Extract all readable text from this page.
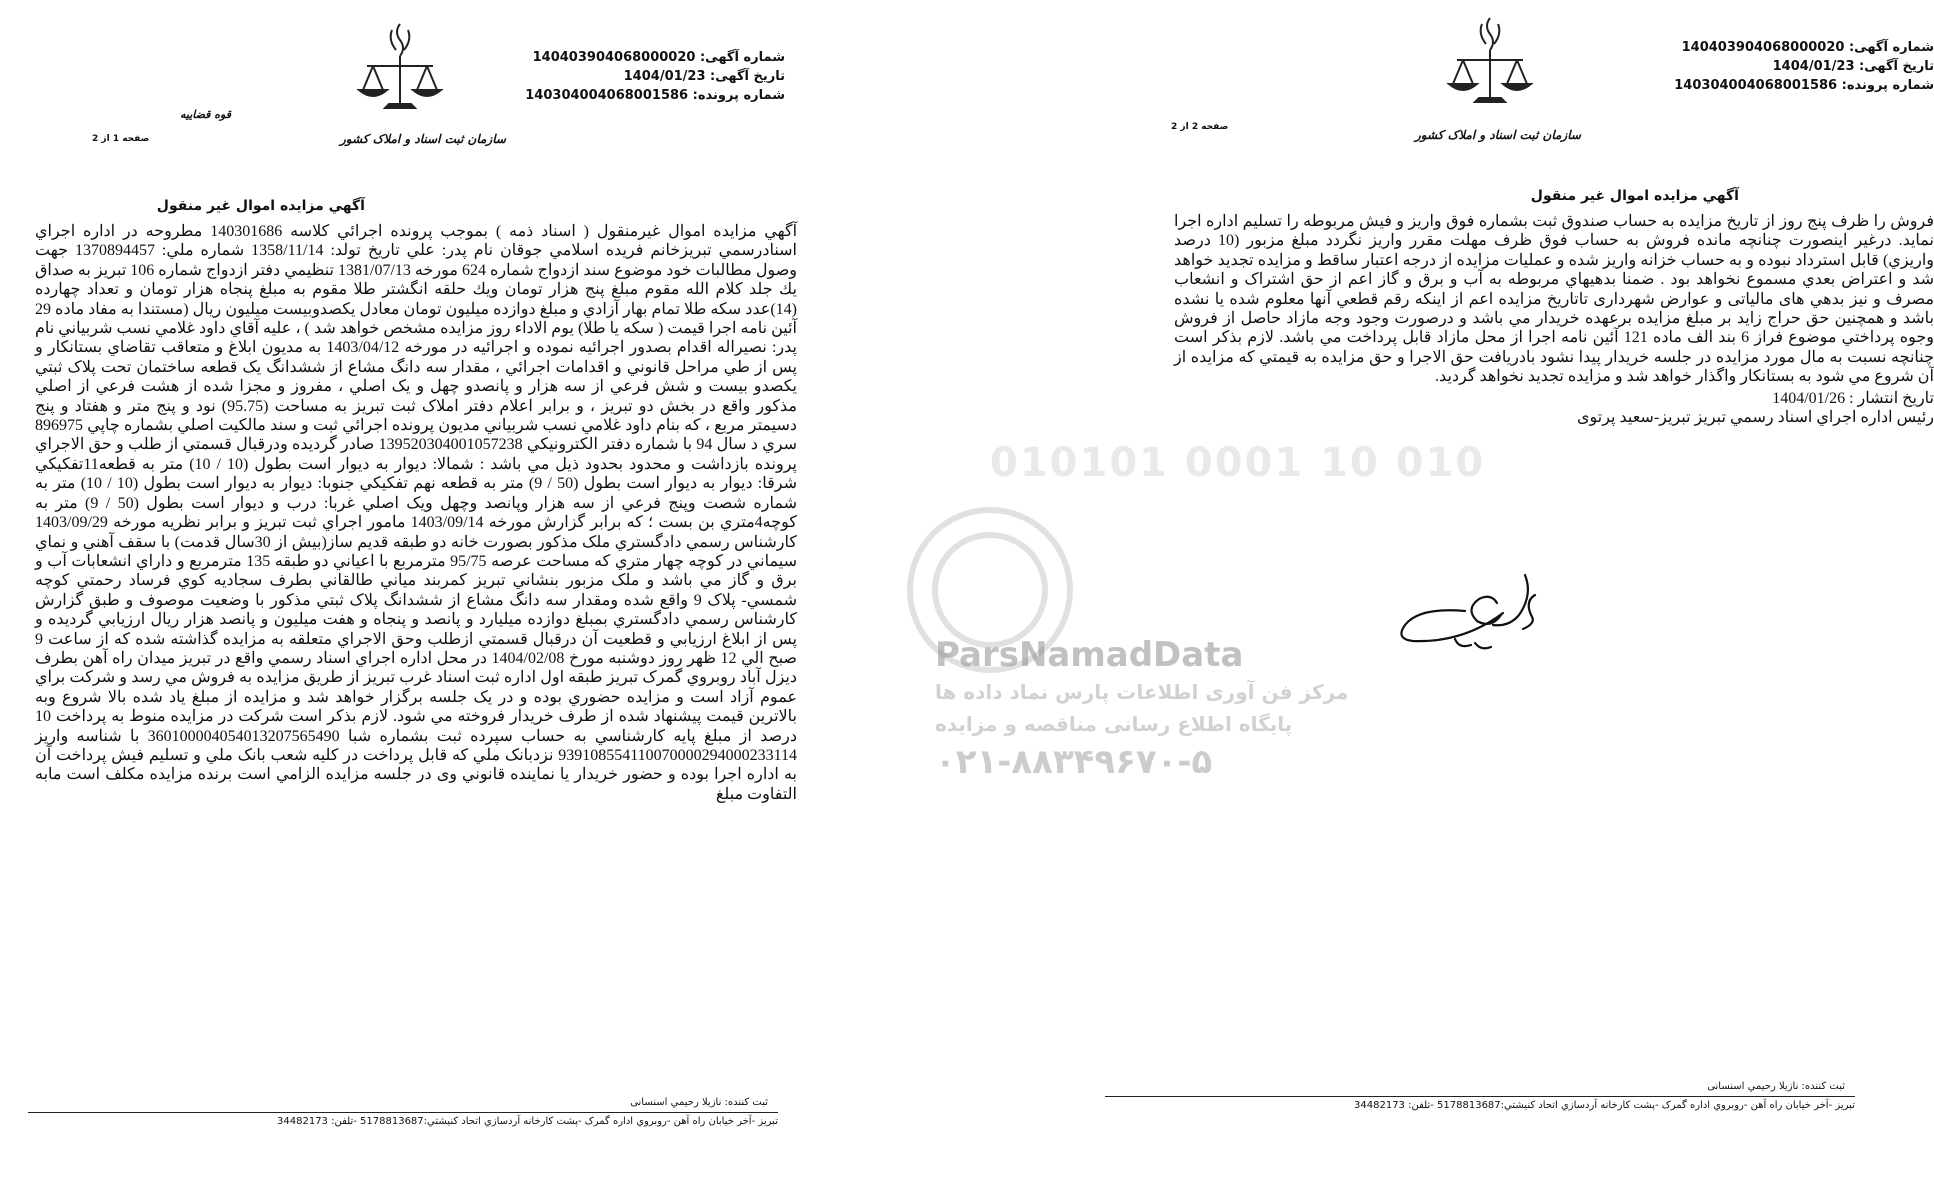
شماره آگهی: 140403904068000020
تاریخ آگهی: 1404/01/23
شماره پرونده: 140304004068001586
قوه قضاییه
سازمان ثبت اسناد و املاک کشور
صفحه 1 از 2
آگهي مزايده اموال غير منقول

آگهي مزايده اموال غيرمنقول ( اسناد ذمه ) بموجب پرونده اجرائي كلاسه 140301686 مطروحه در اداره اجراي اسنادرسمي تبريزخانم فريده اسلامي جوقان نام پدر: علي تاريخ تولد: 1358/11/14 شماره ملي: 1370894457 جهت وصول مطالبات خود موضوع سند ازدواج شماره 624 مورخه 1381/07/13 تنظيمي دفتر ازدواج شماره 106 تبريز به صداق يك جلد كلام الله مقوم مبلغ پنج هزار تومان ويك حلقه انگشتر طلا مقوم به مبلغ پنجاه هزار تومان و تعداد چهارده (14)عدد سكه طلا تمام بهار آزادي و مبلغ دوازده ميليون تومان معادل يكصدوبيست ميليون ريال (مستندا به مفاد ماده 29 آئين نامه اجرا قيمت ( سكه يا طلا) يوم الاداء روز مزايده مشخص خواهد شد ) ، عليه آقاي داود غلامي نسب شربياني نام پدر: نصيراله اقدام بصدور اجرائيه نموده و اجرائيه در مورخه 1403/04/12 به مديون ابلاغ و متعاقب تقاضاي بستانكار و پس از طي مراحل قانوني و اقدامات اجرائي ، مقدار سه دانگ مشاع از ششدانگ يک قطعه ساختمان تحت پلاک ثبتي يكصدو بيست و شش فرعي از سه هزار و پانصدو چهل و يک اصلي ، مفروز و مجزا شده از هشت فرعي از اصلي مذكور واقع در بخش دو تبريز ، و برابر اعلام دفتر املاک ثبت تبريز به مساحت (95.75) نود و پنج متر و هفتاد و پنج دسيمتر مربع ، كه بنام داود غلامي نسب شربياني مديون پرونده اجرائي ثبت و سند مالكيت اصلي بشماره چاپي 896975 سري د سال 94 با شماره دفتر الكترونيكي 139520304001057238 صادر گرديده ودرقبال قسمتي از طلب و حق الاجراي پرونده بازداشت و محدود بحدود ذيل مي باشد : شمالا: ديوار به ديوار است بطول (10 / 10) متر به قطعه11تفكيكي شرقا: ديوار به ديوار است بطول (50 / 9) متر به قطعه نهم تفكيكي جنوبا: ديوار به ديوار است بطول (10 / 10) متر به شماره شصت وپنج فرعي از سه هزار وپانصد وچهل ويک اصلي غربا: درب و ديوار است بطول (50 / 9) متر به كوچه4متري بن بست ؛ كه برابر گزارش مورخه 1403/09/14 مامور اجراي ثبت تبريز و برابر نظريه مورخه 1403/09/29 كارشناس رسمي دادگستري ملک مذكور بصورت خانه دو طبقه قديم ساز(بيش از 30سال قدمت) با سقف آهني و نماي سيماني در كوچه چهار متري كه مساحت عرصه 95/75 مترمربع با اعياني دو طبقه 135 مترمربع و داراي انشعابات آب و برق و گاز مي باشد و ملک مزبور بنشاني تبريز كمربند مياني طالقاني بطرف سجاديه كوي فرساد رحمتي كوچه شمسي- پلاک 9 واقع شده ومقدار سه دانگ مشاع از ششدانگ پلاک ثبتي مذكور با وضعيت موصوف و طبق گزارش كارشناس رسمي دادگستري بمبلغ دوازده ميليارد و پانصد و پنجاه و هفت ميليون و پانصد هزار ريال ارزيابي گرديده و پس از ابلاغ ارزيابي و قطعيت آن درقبال قسمتي ازطلب وحق الاجراي متعلقه به مزايده گذاشته شده كه از ساعت 9 صبح الي 12 ظهر روز دوشنبه مورخ 1404/02/08 در محل اداره اجراي اسناد رسمي واقع در تبريز ميدان راه آهن بطرف ديزل آباد روبروي گمرک تبريز طبقه اول اداره ثبت اسناد غرب تبريز از طريق مزايده به فروش مي رسد و شركت براي عموم آزاد است و مزايده حضوري بوده و در يک جلسه برگزار خواهد شد و مزايده از مبلغ ياد شده بالا شروع وبه بالاترين قيمت پيشنهاد شده از طرف خريدار فروخته مي شود. لازم بذكر است شركت در مزايده منوط به پرداخت 10 درصد از مبلغ پايه كارشناسي به حساب سپرده ثبت بشماره شبا 360100004054013207565490 با شناسه واريز 939108554110070000294000233114 نزدبانک ملي كه قابل پرداخت در كليه شعب بانک ملي و تسليم فيش پرداخت آن به اداره اجرا بوده و حضور خريدار يا نماينده قانوني وی در جلسه مزايده الزامي است برنده مزايده مكلف است مابه التفاوت مبلغ

ثبت کننده: نازيلا رحيمي اسنسانی
تبريز -آخر خيابان راه آهن -روبروي اداره گمرک -پشت كارخانه آردسازي اتحاد كنيشتي:5178813687 -تلفن: 34482173
شماره آگهی: 140403904068000020
تاریخ آگهی: 1404/01/23
شماره پرونده: 140304004068001586
سازمان ثبت اسناد و املاک کشور
صفحه 2 از 2
آگهي مزايده اموال غير منقول

فروش را ظرف پنج روز از تاريخ مزايده به حساب صندوق ثبت بشماره فوق واريز و فيش مربوطه را تسليم اداره اجرا نمايد. درغير اينصورت چنانچه مانده فروش به حساب فوق ظرف مهلت مقرر واريز نگردد مبلغ مزبور (10 درصد واريزي) قابل استرداد نبوده و به حساب خزانه واريز شده و عمليات مزايده از درجه اعتبار ساقط و مزايده تجديد خواهد شد و اعتراض بعدي مسموع نخواهد بود . ضمنا بدهيهاي مربوطه به آب و برق و گاز اعم از حق اشتراک و انشعاب مصرف و نيز بدهي هاى مالياتى و عوارض شهردارى تاتاريخ مزايده اعم از اينكه رقم قطعي آنها معلوم شده يا نشده باشد و همچنين حق حراج زايد بر مبلغ مزايده برعهده خريدار مي باشد و درصورت وجود وجه مازاد حاصل از فروش وجوه پرداختي موضوع فراز 6 بند الف ماده 121 آئين نامه اجرا از محل مازاد قابل پرداخت مي باشد. لازم بذكر است چنانچه نسبت به مال مورد مزايده در جلسه خريدار پيدا نشود بادريافت حق الاجرا و حق مزايده به قيمتي كه مزايده از آن شروع مي شود به بستانكار واگذار خواهد شد و مزايده تجديد نخواهد گرديد.

تاريخ انتشار : 1404/01/26

رئيس اداره اجراي اسناد رسمي تبريز تبريز-سعيد پرتوی

ثبت کننده: نازيلا رحيمي اسنسانی
تبريز -آخر خيابان راه آهن -روبروي اداره گمرک -پشت كارخانه آردسازي اتحاد كنيشتي:5178813687 -تلفن: 34482173
010101 0001 10 010
ParsNamadData
مرکز فن آوری اطلاعات پارس نماد داده ها
پایگاه اطلاع رسانی مناقصه و مزایده
۰۲۱-۸۸۳۴۹۶۷۰-۵
